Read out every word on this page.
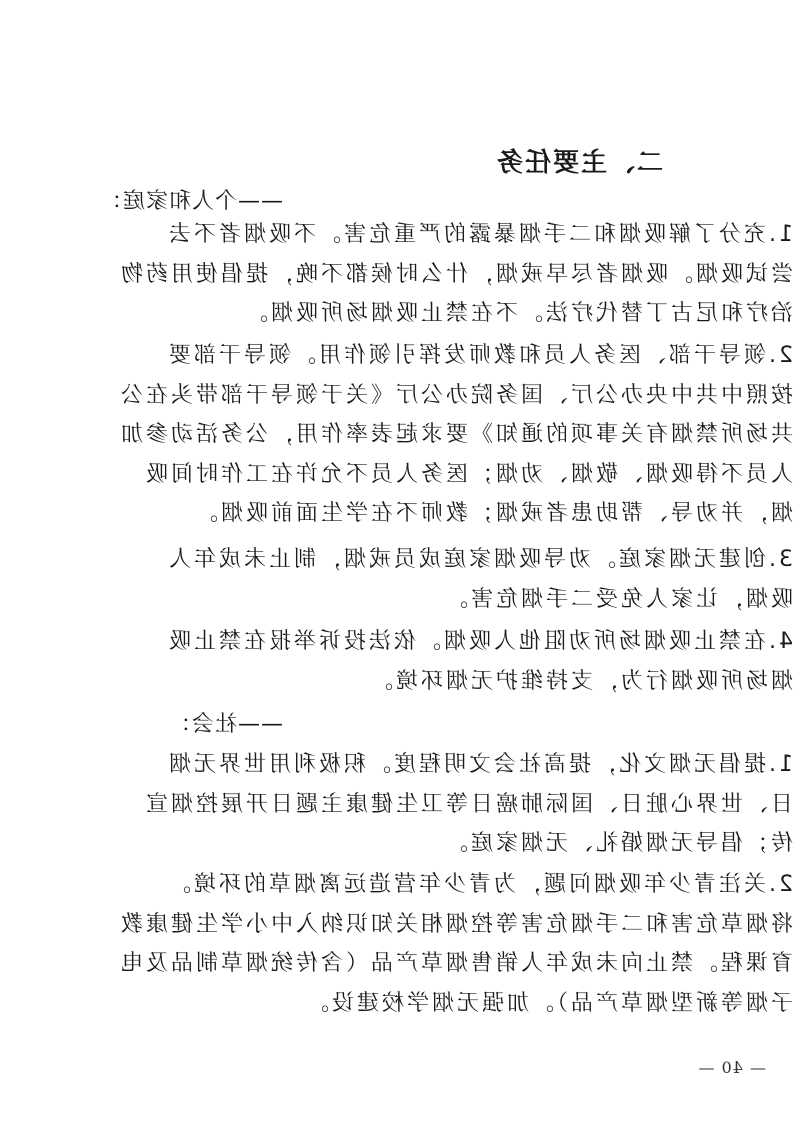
二、主要任务
——个人和家庭：
1.充分了解吸烟和二手烟暴露的严重危害。不吸烟者不去
尝试吸烟。吸烟者尽早戒烟，什么时候都不晚，提倡使用药物
治疗和尼古丁替代疗法。不在禁止吸烟场所吸烟。
2.领导干部、医务人员和教师发挥引领作用。领导干部要
按照中共中央办公厅、国务院办公厅《关于领导干部带头在公
共场所禁烟有关事项的通知》要求起表率作用，公务活动参加
人员不得吸烟、敬烟、劝烟；医务人员不允许在工作时间吸
烟，并劝导、帮助患者戒烟；教师不在学生面前吸烟。
3.创建无烟家庭。劝导吸烟家庭成员戒烟，制止未成年人
吸烟，让家人免受二手烟危害。
4.在禁止吸烟场所劝阻他人吸烟。依法投诉举报在禁止吸
烟场所吸烟行为，支持维护无烟环境。
——社会：
1.提倡无烟文化，提高社会文明程度。积极利用世界无烟
日、世界心脏日、国际肺癌日等卫生健康主题日开展控烟宣
传；倡导无烟婚礼、无烟家庭。
2.关注青少年吸烟问题，为青少年营造远离烟草的环境。
将烟草危害和二手烟危害等控烟相关知识纳入中小学生健康教
育课程。禁止向未成年人销售烟草产品（含传统烟草制品及电
子烟等新型烟草产品）。加强无烟学校建设。
— 40 —
